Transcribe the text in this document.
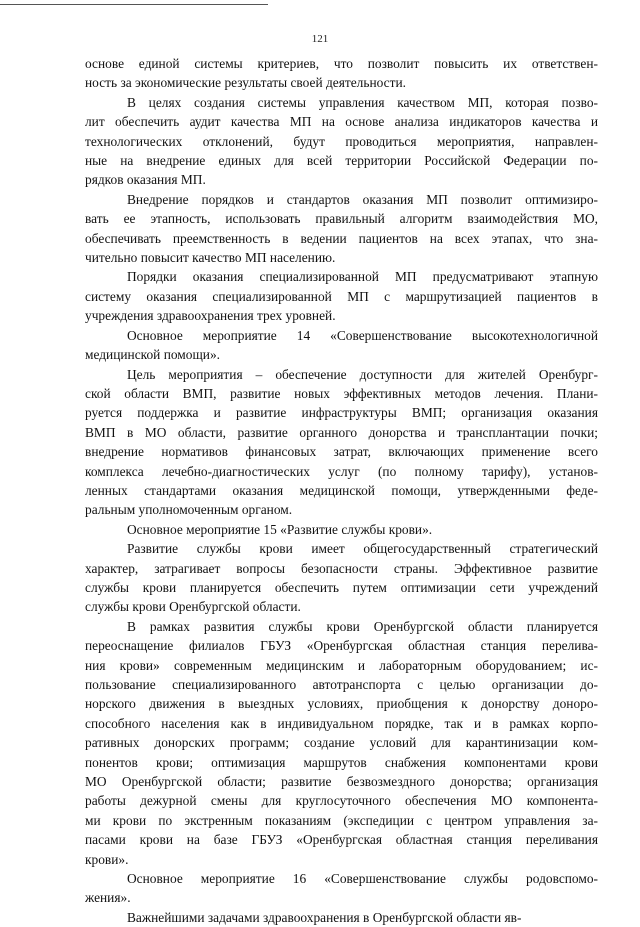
121
основе единой системы критериев, что позволит повысить их ответствен-
ность за экономические результаты своей деятельности.
В целях создания системы управления качеством МП, которая позво-
лит обеспечить аудит качества МП на основе анализа индикаторов качества и
технологических отклонений, будут проводиться мероприятия, направлен-
ные на внедрение единых для всей территории Российской Федерации по-
рядков оказания МП.
Внедрение порядков и стандартов оказания МП позволит оптимизиро-
вать ее этапность, использовать правильный алгоритм взаимодействия МО,
обеспечивать преемственность в ведении пациентов на всех этапах, что зна-
чительно повысит качество МП населению.
Порядки оказания специализированной МП предусматривают этапную
систему оказания специализированной МП с маршрутизацией пациентов в
учреждения здравоохранения трех уровней.
Основное мероприятие 14 «Совершенствование высокотехнологичной
медицинской помощи».
Цель мероприятия – обеспечение доступности для жителей Оренбург-
ской области ВМП, развитие новых эффективных методов лечения. Плани-
руется поддержка и развитие инфраструктуры ВМП; организация оказания
ВМП в МО области, развитие органного донорства и трансплантации почки;
внедрение нормативов финансовых затрат, включающих применение всего
комплекса лечебно-диагностических услуг (по полному тарифу), установ-
ленных стандартами оказания медицинской помощи, утвержденными феде-
ральным уполномоченным органом.
Основное мероприятие 15 «Развитие службы крови».
Развитие службы крови имеет общегосударственный стратегический
характер, затрагивает вопросы безопасности страны. Эффективное развитие
службы крови планируется обеспечить путем оптимизации сети учреждений
службы крови Оренбургской области.
В рамках развития службы крови Оренбургской области планируется
переоснащение филиалов ГБУЗ «Оренбургская областная станция перелива-
ния крови» современным медицинским и лабораторным оборудованием; ис-
пользование специализированного автотранспорта с целью организации до-
норского движения в выездных условиях, приобщения к донорству доноро-
способного населения как в индивидуальном порядке, так и в рамках корпо-
ративных донорских программ; создание условий для карантинизации ком-
понентов крови; оптимизация маршрутов снабжения компонентами крови
МО Оренбургской области; развитие безвозмездного донорства; организация
работы дежурной смены для круглосуточного обеспечения МО компонента-
ми крови по экстренным показаниям (экспедиции с центром управления за-
пасами крови на базе ГБУЗ «Оренбургская областная станция переливания
крови».
Основное мероприятие 16 «Совершенствование службы родовспомо-
жения».
Важнейшими задачами здравоохранения в Оренбургской области яв-
